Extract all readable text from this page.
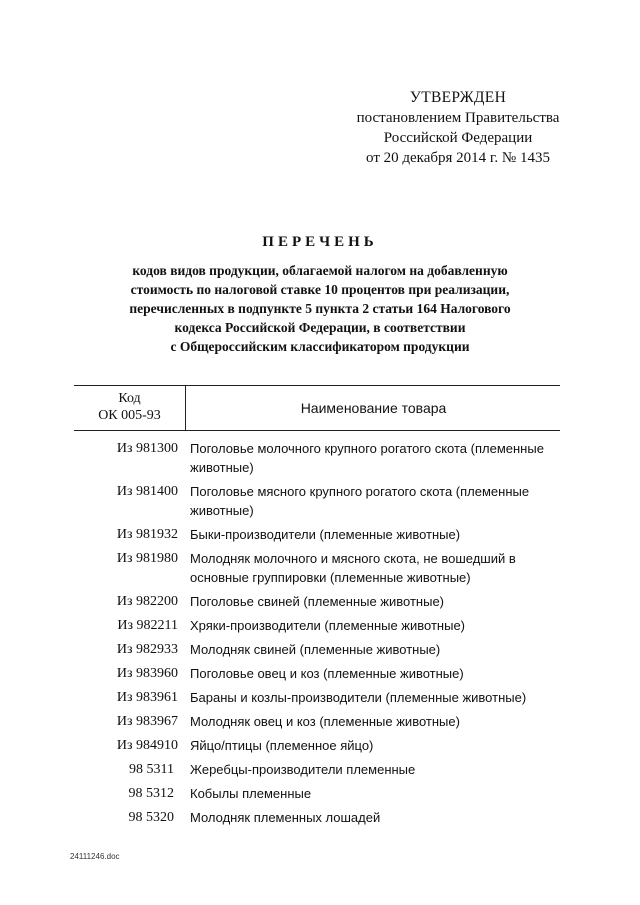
УТВЕРЖДЕН
постановлением Правительства
Российской Федерации
от 20 декабря 2014 г. № 1435
ПЕРЕЧЕНЬ
кодов видов продукции, облагаемой налогом на добавленную
стоимость по налоговой ставке 10 процентов при реализации,
перечисленных в подпункте 5 пункта 2 статьи 164 Налогового
кодекса Российской Федерации, в соответствии
с Общероссийским классификатором продукции
Код
ОК 005-93	Наименование товара
Из 981300 Поголовье молочного крупного рогатого скота (племенные животные)
Из 981400 Поголовье мясного крупного рогатого скота (племенные животные)
Из 981932 Быки-производители (племенные животные)
Из 981980 Молодняк молочного и мясного скота, не вошедший в основные группировки (племенные животные)
Из 982200 Поголовье свиней (племенные животные)
Из 982211 Хряки-производители (племенные животные)
Из 982933 Молодняк свиней (племенные животные)
Из 983960 Поголовье овец и коз (племенные животные)
Из 983961 Бараны и козлы-производители (племенные животные)
Из 983967 Молодняк овец и коз (племенные животные)
Из 984910 Яйцо/птицы (племенное яйцо)
98 5311	Жеребцы-производители племенные
98 5312	Кобылы племенные
98 5320	Молодняк племенных лошадей
24111246.doc
